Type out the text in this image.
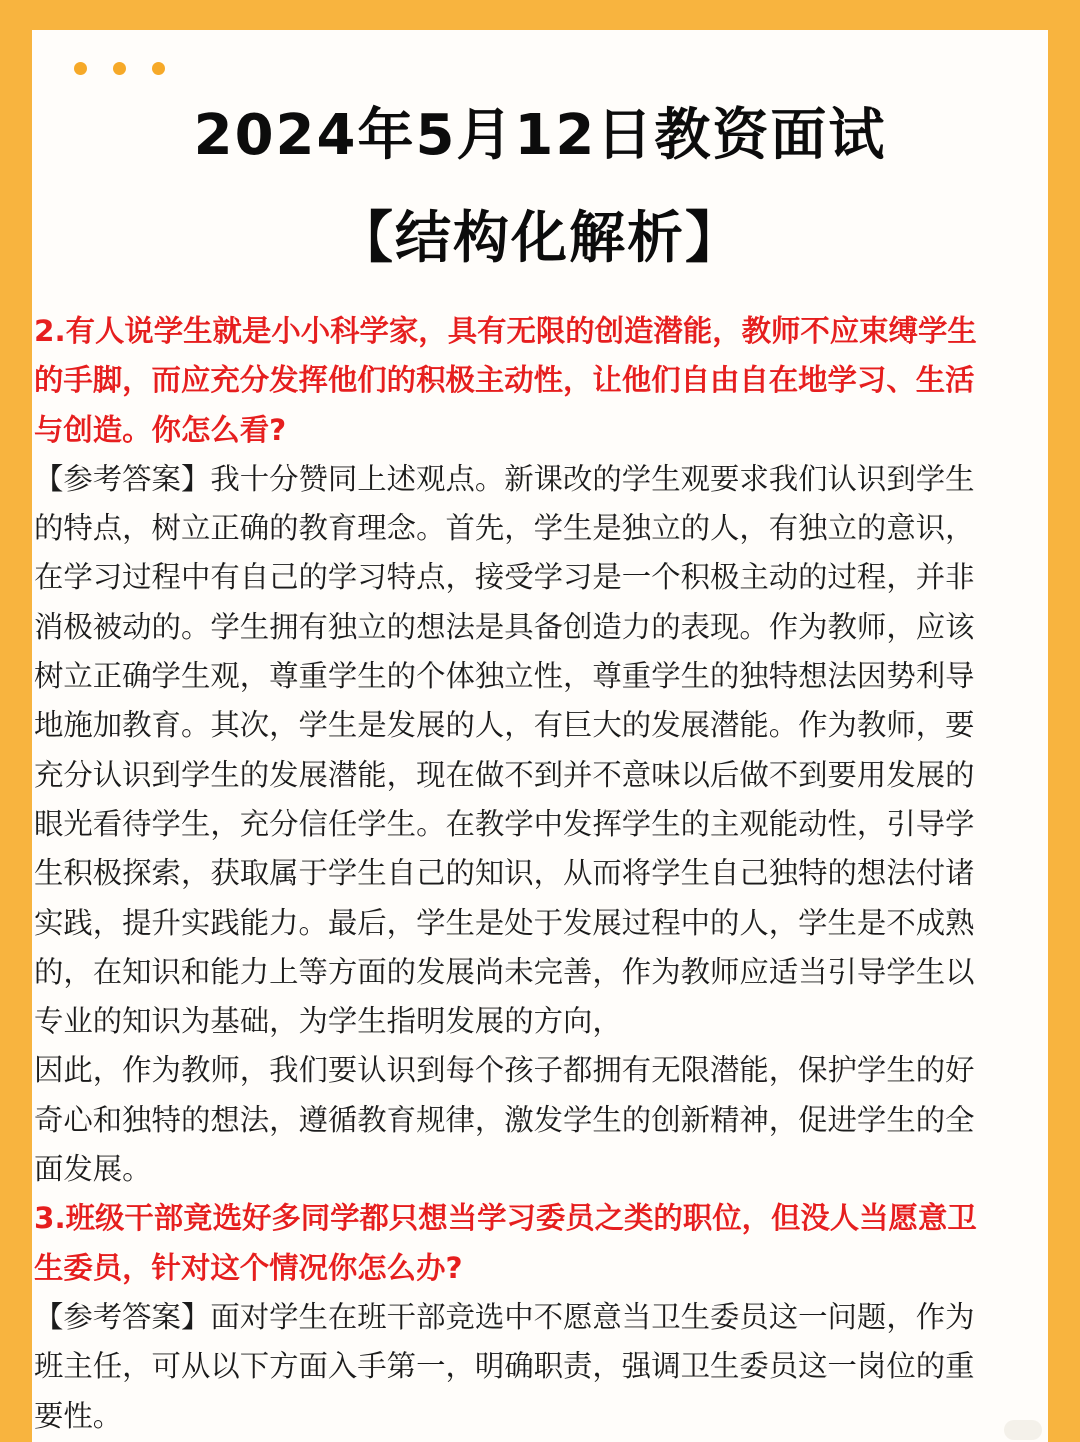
2024年5月12日教资面试
【结构化解析】
2.有人说学生就是小小科学家，具有无限的创造潜能，教师不应束缚学生
的手脚，而应充分发挥他们的积极主动性，让他们自由自在地学习、生活
与创造。你怎么看?
【参考答案】我十分赞同上述观点。新课改的学生观要求我们认识到学生
的特点，树立正确的教育理念。首先，学生是独立的人，有独立的意识，
在学习过程中有自己的学习特点，接受学习是一个积极主动的过程，并非
消极被动的。学生拥有独立的想法是具备创造力的表现。作为教师，应该
树立正确学生观，尊重学生的个体独立性，尊重学生的独特想法因势利导
地施加教育。其次，学生是发展的人，有巨大的发展潜能。作为教师，要
充分认识到学生的发展潜能，现在做不到并不意味以后做不到要用发展的
眼光看待学生，充分信任学生。在教学中发挥学生的主观能动性，引导学
生积极探索，获取属于学生自己的知识，从而将学生自己独特的想法付诸
实践，提升实践能力。最后，学生是处于发展过程中的人，学生是不成熟
的，在知识和能力上等方面的发展尚未完善，作为教师应适当引导学生以
专业的知识为基础，为学生指明发展的方向，
因此，作为教师，我们要认识到每个孩子都拥有无限潜能，保护学生的好
奇心和独特的想法，遵循教育规律，激发学生的创新精神，促进学生的全
面发展。
3.班级干部竟选好多同学都只想当学习委员之类的职位，但没人当愿意卫
生委员，针对这个情况你怎么办?
【参考答案】面对学生在班干部竞选中不愿意当卫生委员这一问题，作为
班主任，可从以下方面入手第一，明确职责，强调卫生委员这一岗位的重
要性。
